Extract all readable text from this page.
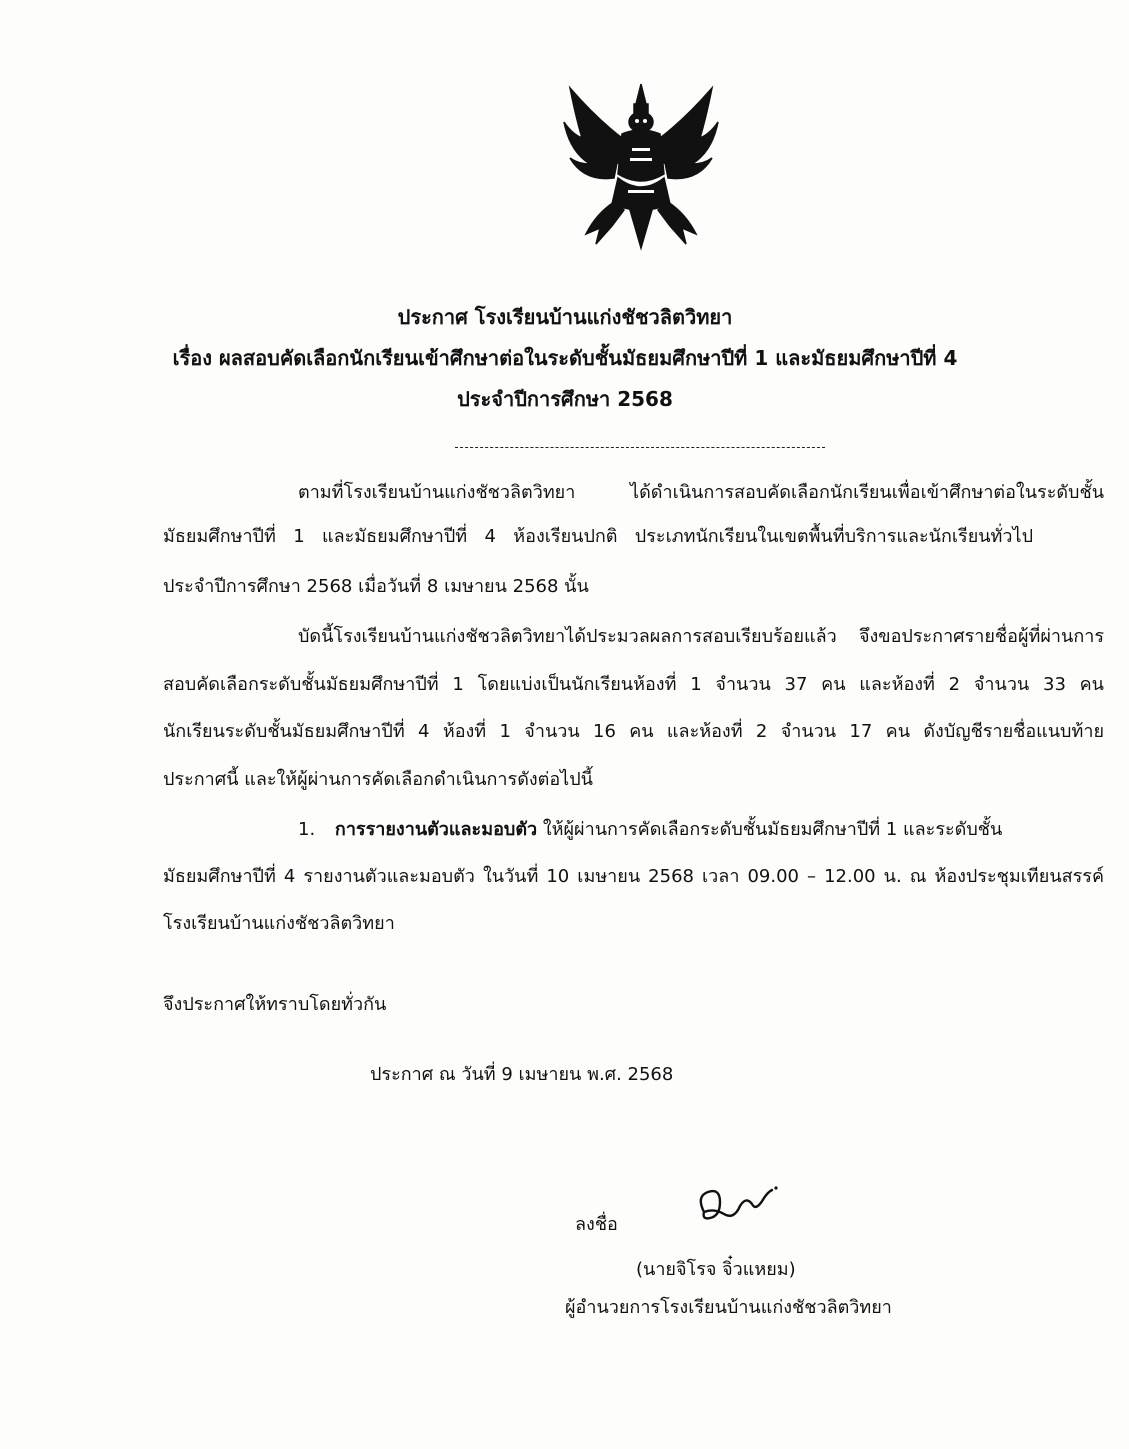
ประกาศ โรงเรียนบ้านแก่งชัชวลิตวิทยา
เรื่อง ผลสอบคัดเลือกนักเรียนเข้าศึกษาต่อในระดับชั้นมัธยมศึกษาปีที่ 1 และมัธยมศึกษาปีที่ 4
ประจำปีการศึกษา 2568
ตามที่โรงเรียนบ้านแก่งชัชวลิตวิทยา ได้ดำเนินการสอบคัดเลือกนักเรียนเพื่อเข้าศึกษาต่อในระดับชั้น
มัธยมศึกษาปีที่ 1 และมัธยมศึกษาปีที่ 4 ห้องเรียนปกติ ประเภทนักเรียนในเขตพื้นที่บริการและนักเรียนทั่วไป
ประจำปีการศึกษา 2568 เมื่อวันที่ 8 เมษายน 2568 นั้น
บัดนี้โรงเรียนบ้านแก่งชัชวลิตวิทยาได้ประมวลผลการสอบเรียบร้อยแล้ว จึงขอประกาศรายชื่อผู้ที่ผ่านการ
สอบคัดเลือกระดับชั้นมัธยมศึกษาปีที่ 1 โดยแบ่งเป็นนักเรียนห้องที่ 1 จำนวน 37 คน และห้องที่ 2 จำนวน 33 คน
นักเรียนระดับชั้นมัธยมศึกษาปีที่ 4 ห้องที่ 1 จำนวน 16 คน และห้องที่ 2 จำนวน 17 คน ดังบัญชีรายชื่อแนบท้าย
ประกาศนี้ และให้ผู้ผ่านการคัดเลือกดำเนินการดังต่อไปนี้
1. การรายงานตัวและมอบตัว ให้ผู้ผ่านการคัดเลือกระดับชั้นมัธยมศึกษาปีที่ 1 และระดับชั้น
มัธยมศึกษาปีที่ 4 รายงานตัวและมอบตัว ในวันที่ 10 เมษายน 2568 เวลา 09.00 – 12.00 น. ณ ห้องประชุมเทียนสรรค์
โรงเรียนบ้านแก่งชัชวลิตวิทยา
จึงประกาศให้ทราบโดยทั่วกัน
ประกาศ ณ วันที่ 9 เมษายน พ.ศ. 2568
ลงชื่อ
(นายจิโรจ จิ๋วแหยม)
ผู้อำนวยการโรงเรียนบ้านแก่งชัชวลิตวิทยา
